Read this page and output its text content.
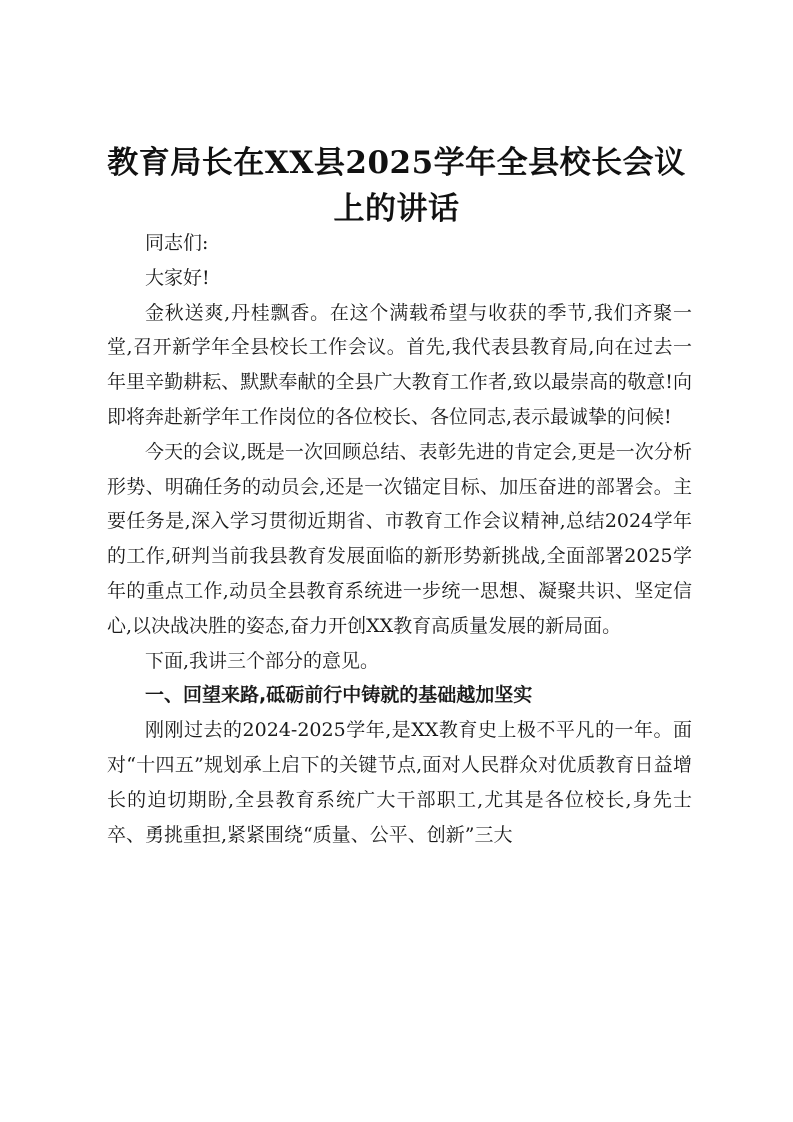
教育局长在XX县2025学年全县校长会议上的讲话

同志们:

大家好!

金秋送爽,丹桂飘香。在这个满载希望与收获的季节,我们齐聚一堂,召开新学年全县校长工作会议。首先,我代表县教育局,向在过去一年里辛勤耕耘、默默奉献的全县广大教育工作者,致以最崇高的敬意!向即将奔赴新学年工作岗位的各位校长、各位同志,表示最诚挚的问候!

今天的会议,既是一次回顾总结、表彰先进的肯定会,更是一次分析形势、明确任务的动员会,还是一次锚定目标、加压奋进的部署会。主要任务是,深入学习贯彻近期省、市教育工作会议精神,总结2024学年的工作,研判当前我县教育发展面临的新形势新挑战,全面部署2025学年的重点工作,动员全县教育系统进一步统一思想、凝聚共识、坚定信心,以决战决胜的姿态,奋力开创XX教育高质量发展的新局面。

下面,我讲三个部分的意见。

一、回望来路,砥砺前行中铸就的基础越加坚实

刚刚过去的2024-2025学年,是XX教育史上极不平凡的一年。面对“十四五”规划承上启下的关键节点,面对人民群众对优质教育日益增长的迫切期盼,全县教育系统广大干部职工,尤其是各位校长,身先士卒、勇挑重担,紧紧围绕“质量、公平、创新”三大
